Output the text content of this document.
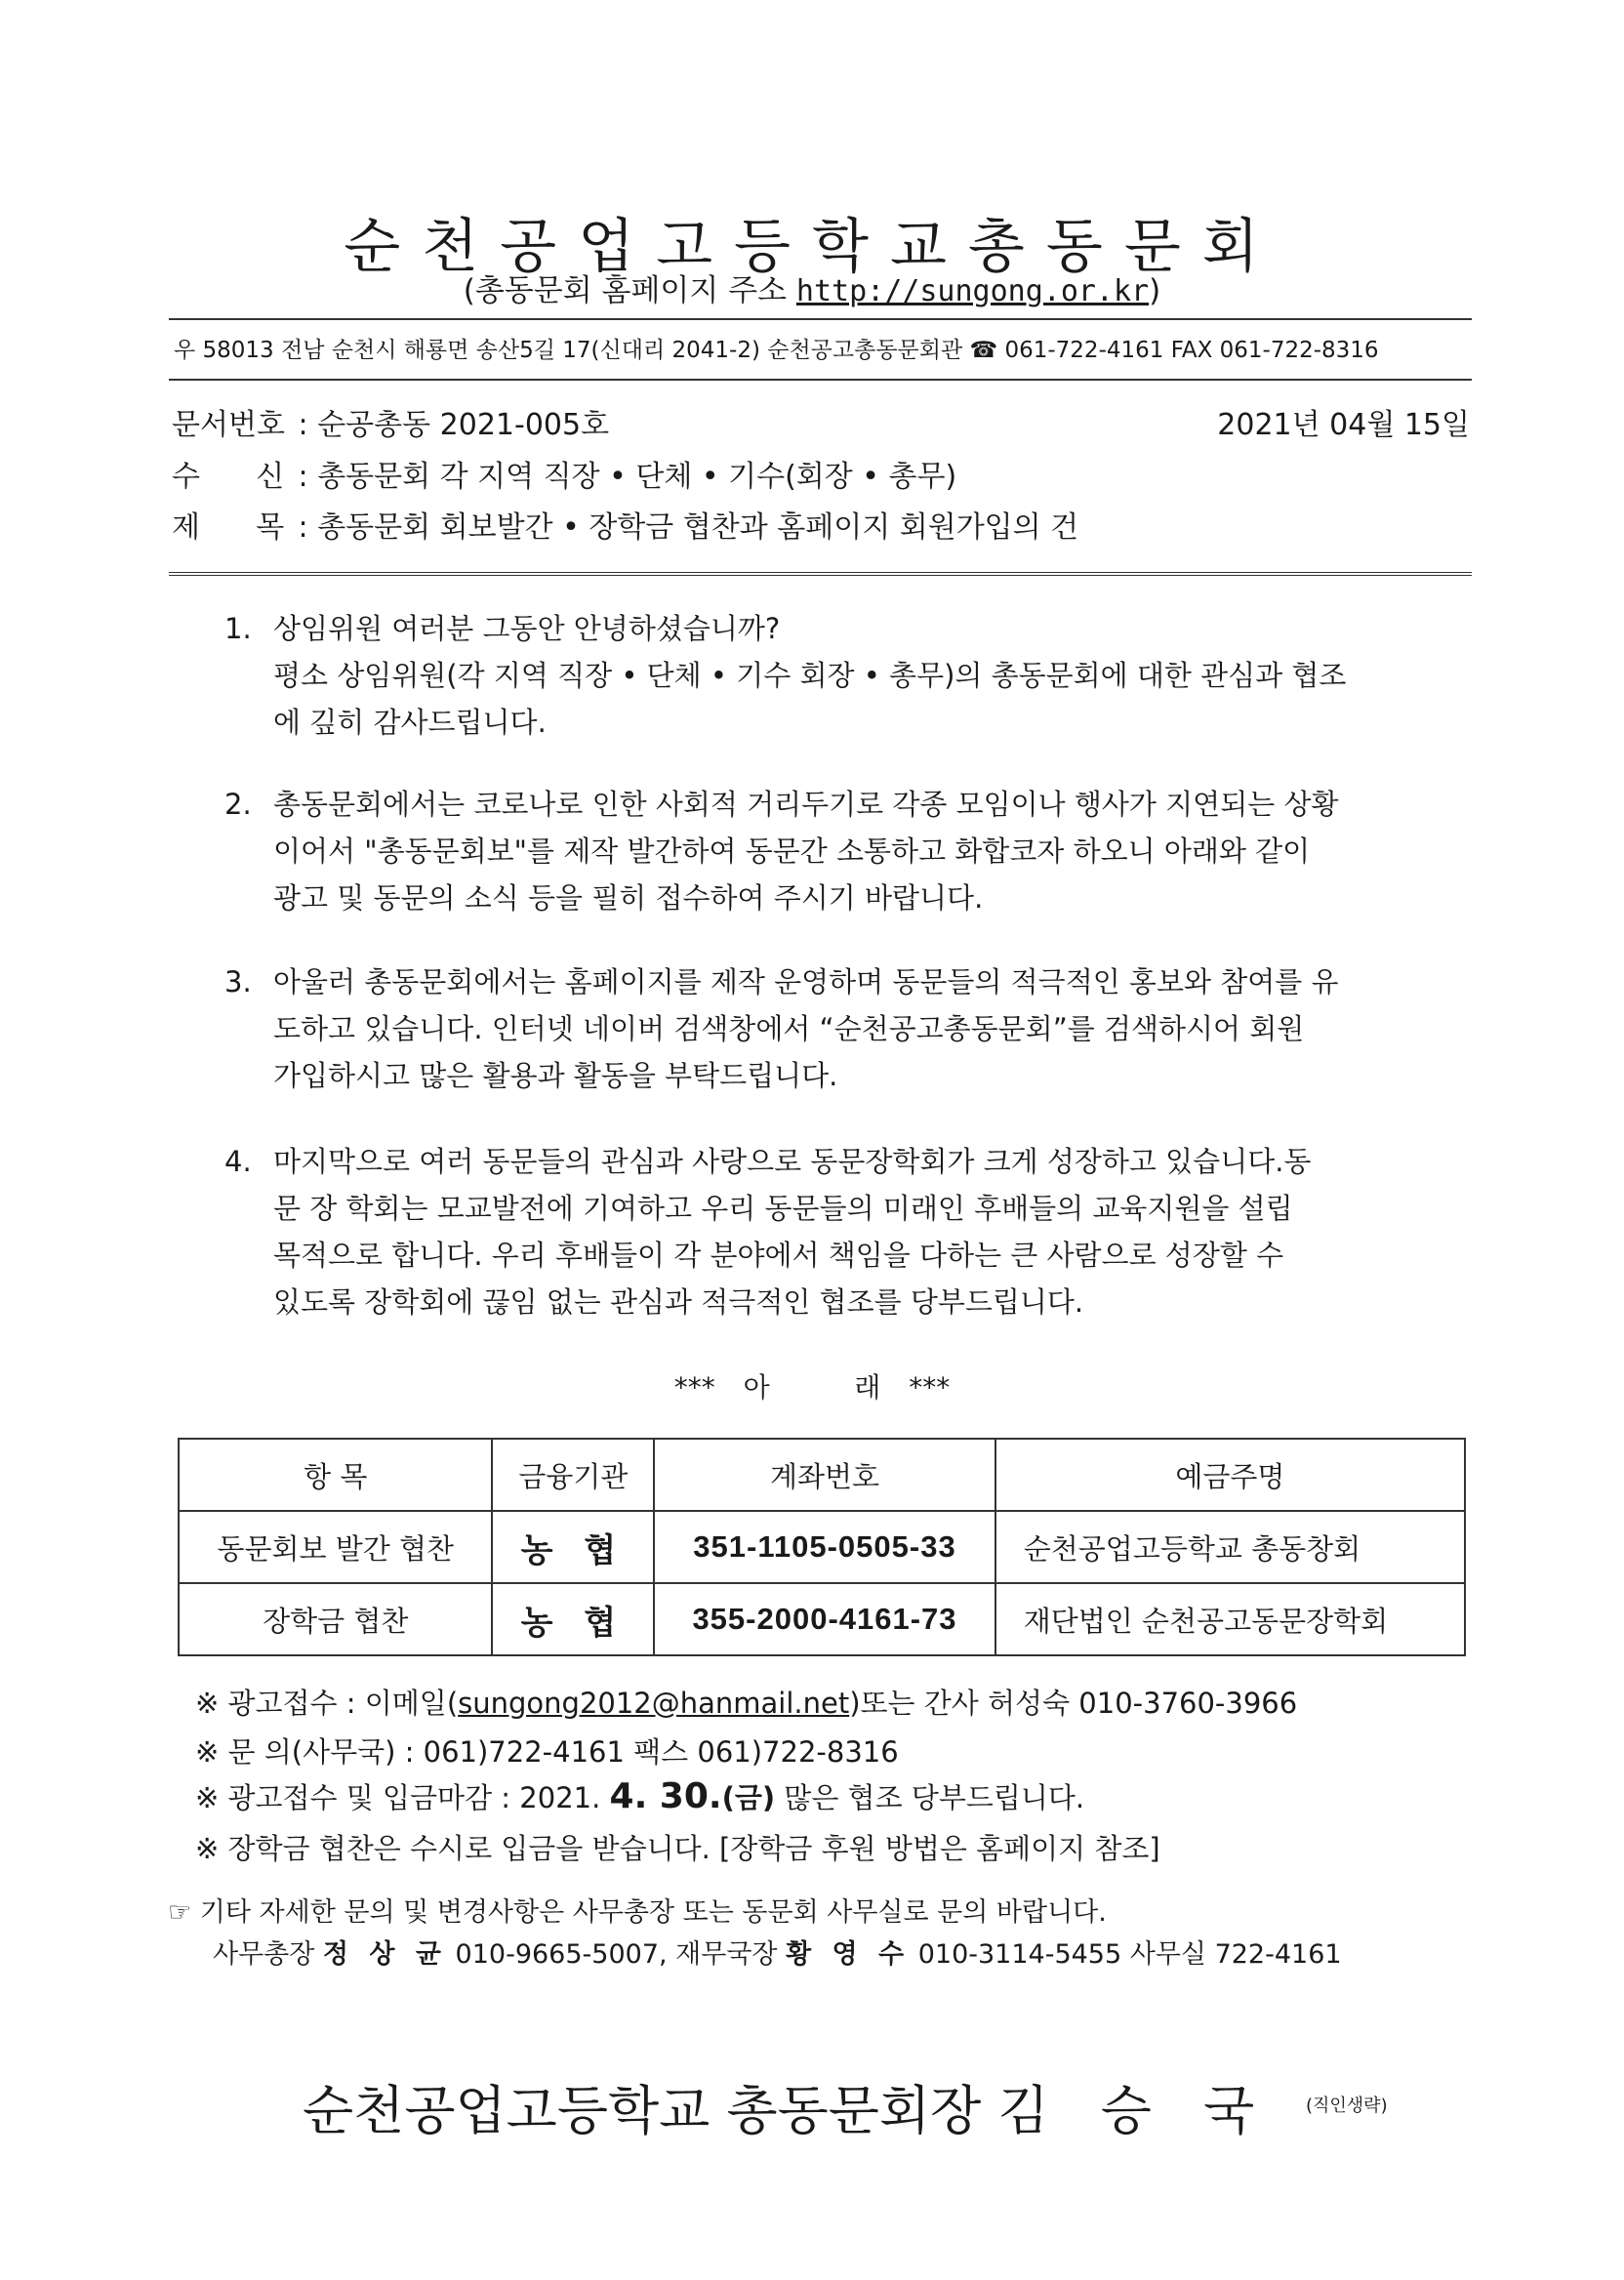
순천공업고등학교총동문회
(총동문회 홈페이지 주소 http://sungong.or.kr)
우 58013 전남 순천시 해룡면 송산5길 17(신대리 2041-2) 순천공고총동문회관 ☎ 061-722-4161 FAX 061-722-8316
문서번호 : 순공총동 2021-005호	2021년 04월 15일
수      신 : 총동문회 각 지역 직장 • 단체 • 기수(회장 • 총무)
제      목 : 총동문회 회보발간 • 장학금 협찬과 홈페이지 회원가입의 건
1. 상임위원 여러분 그동안 안녕하셨습니까?
평소 상임위원(각 지역 직장 • 단체 • 기수 회장 • 총무)의 총동문회에 대한 관심과 협조
에 깊히 감사드립니다.
2. 총동문회에서는 코로나로 인한 사회적 거리두기로 각종 모임이나 행사가 지연되는 상황
이어서 "총동문회보"를 제작 발간하여 동문간 소통하고 화합코자 하오니 아래와 같이
광고 및 동문의 소식 등을 필히 접수하여 주시기 바랍니다.
3. 아울러 총동문회에서는 홈페이지를 제작 운영하며 동문들의 적극적인 홍보와 참여를 유
도하고 있습니다. 인터넷 네이버 검색창에서 “순천공고총동문회”를 검색하시어 회원
가입하시고 많은 활용과 활동을 부탁드립니다.
4. 마지막으로 여러 동문들의 관심과 사랑으로 동문장학회가 크게 성장하고 있습니다.동
문 장 학회는 모교발전에 기여하고 우리 동문들의 미래인 후배들의 교육지원을 설립
목적으로 합니다. 우리 후배들이 각 분야에서 책임을 다하는 큰 사람으로 성장할 수
있도록 장학회에 끊임 없는 관심과 적극적인 협조를 당부드립니다.
*** 아   래 ***
항 목	금융기관	계좌번호	예금주명
동문회보 발간 협찬	농 협	351-1105-0505-33	순천공업고등학교 총동창회
장학금 협찬	농 협	355-2000-4161-73	재단법인 순천공고동문장학회
※ 광고접수 : 이메일(sungong2012@hanmail.net)또는 간사 허성숙 010-3760-3966
※ 문 의(사무국) : 061)722-4161 팩스 061)722-8316
※ 광고접수 및 입금마감 : 2021. 4. 30.(금) 많은 협조 당부드립니다.
※ 장학금 협찬은 수시로 입금을 받습니다. [장학금 후원 방법은 홈페이지 참조]
☞ 기타 자세한 문의 및 변경사항은 사무총장 또는 동문회 사무실로 문의 바랍니다.
사무총장 정 상 균 010-9665-5007, 재무국장 황 영 수 010-3114-5455 사무실 722-4161
순천공업고등학교 총동문회장 김 승 국 (직인생략)
